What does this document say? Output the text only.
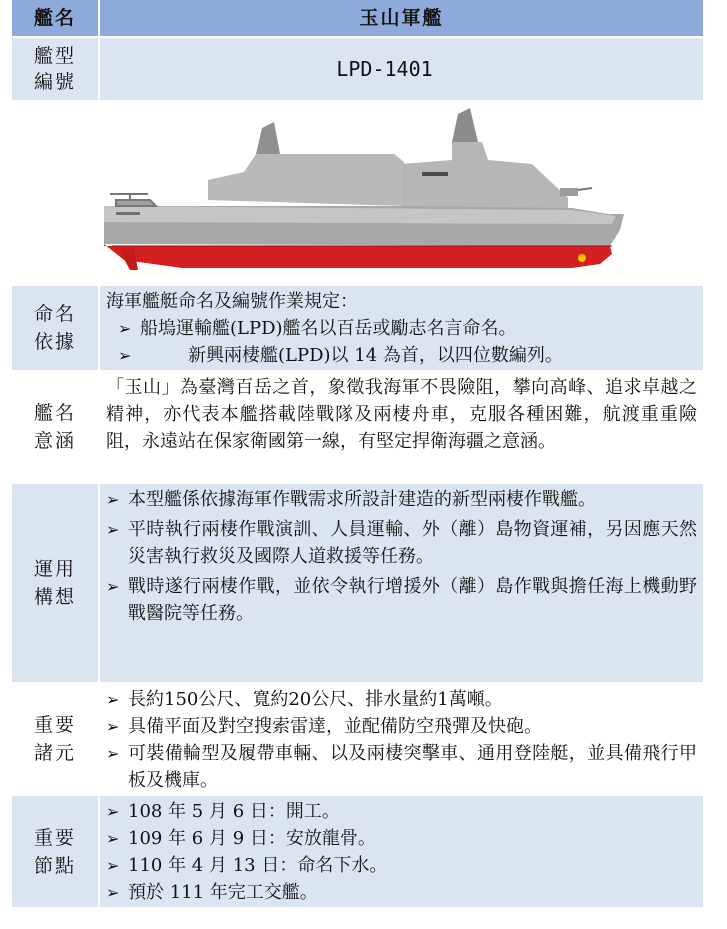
艦名	玉山軍艦
艦型編號
LPD-1401
命名依據

海軍艦艇命名及編號作業規定：

➢ 船塢運輸艦(LPD)艦名以百岳或勵志名言命名。
➢	新興兩棲艦(LPD)以 14 為首，以四位數編列。
艦名意涵

「玉山」為臺灣百岳之首，象徵我海軍不畏險阻，攀向高峰、追求卓越之精神，亦代表本艦搭載陸戰隊及兩棲舟車，克服各種困難，航渡重重險阻，永遠站在保家衛國第一線，有堅定捍衛海疆之意涵。

運用構想
➢ 本型艦係依據海軍作戰需求所設計建造的新型兩棲作戰艦。
➢ 平時執行兩棲作戰演訓、人員運輸、外（離）島物資運補，另因應天然災害執行救災及國際人道救援等任務。
➢ 戰時遂行兩棲作戰，並依令執行增援外（離）島作戰與擔任海上機動野戰醫院等任務。
重要諸元
➢ 長約150公尺、寬約20公尺、排水量約1萬噸。
➢ 具備平面及對空搜索雷達，並配備防空飛彈及快砲。
➢ 可裝備輪型及履帶車輛、以及兩棲突擊車、通用登陸艇，並具備飛行甲板及機庫。
重要節點
➢ 108 年 5 月 6 日：開工。
➢ 109 年 6 月 9 日：安放龍骨。
➢ 110 年 4 月 13 日：命名下水。
➢ 預於 111 年完工交艦。
